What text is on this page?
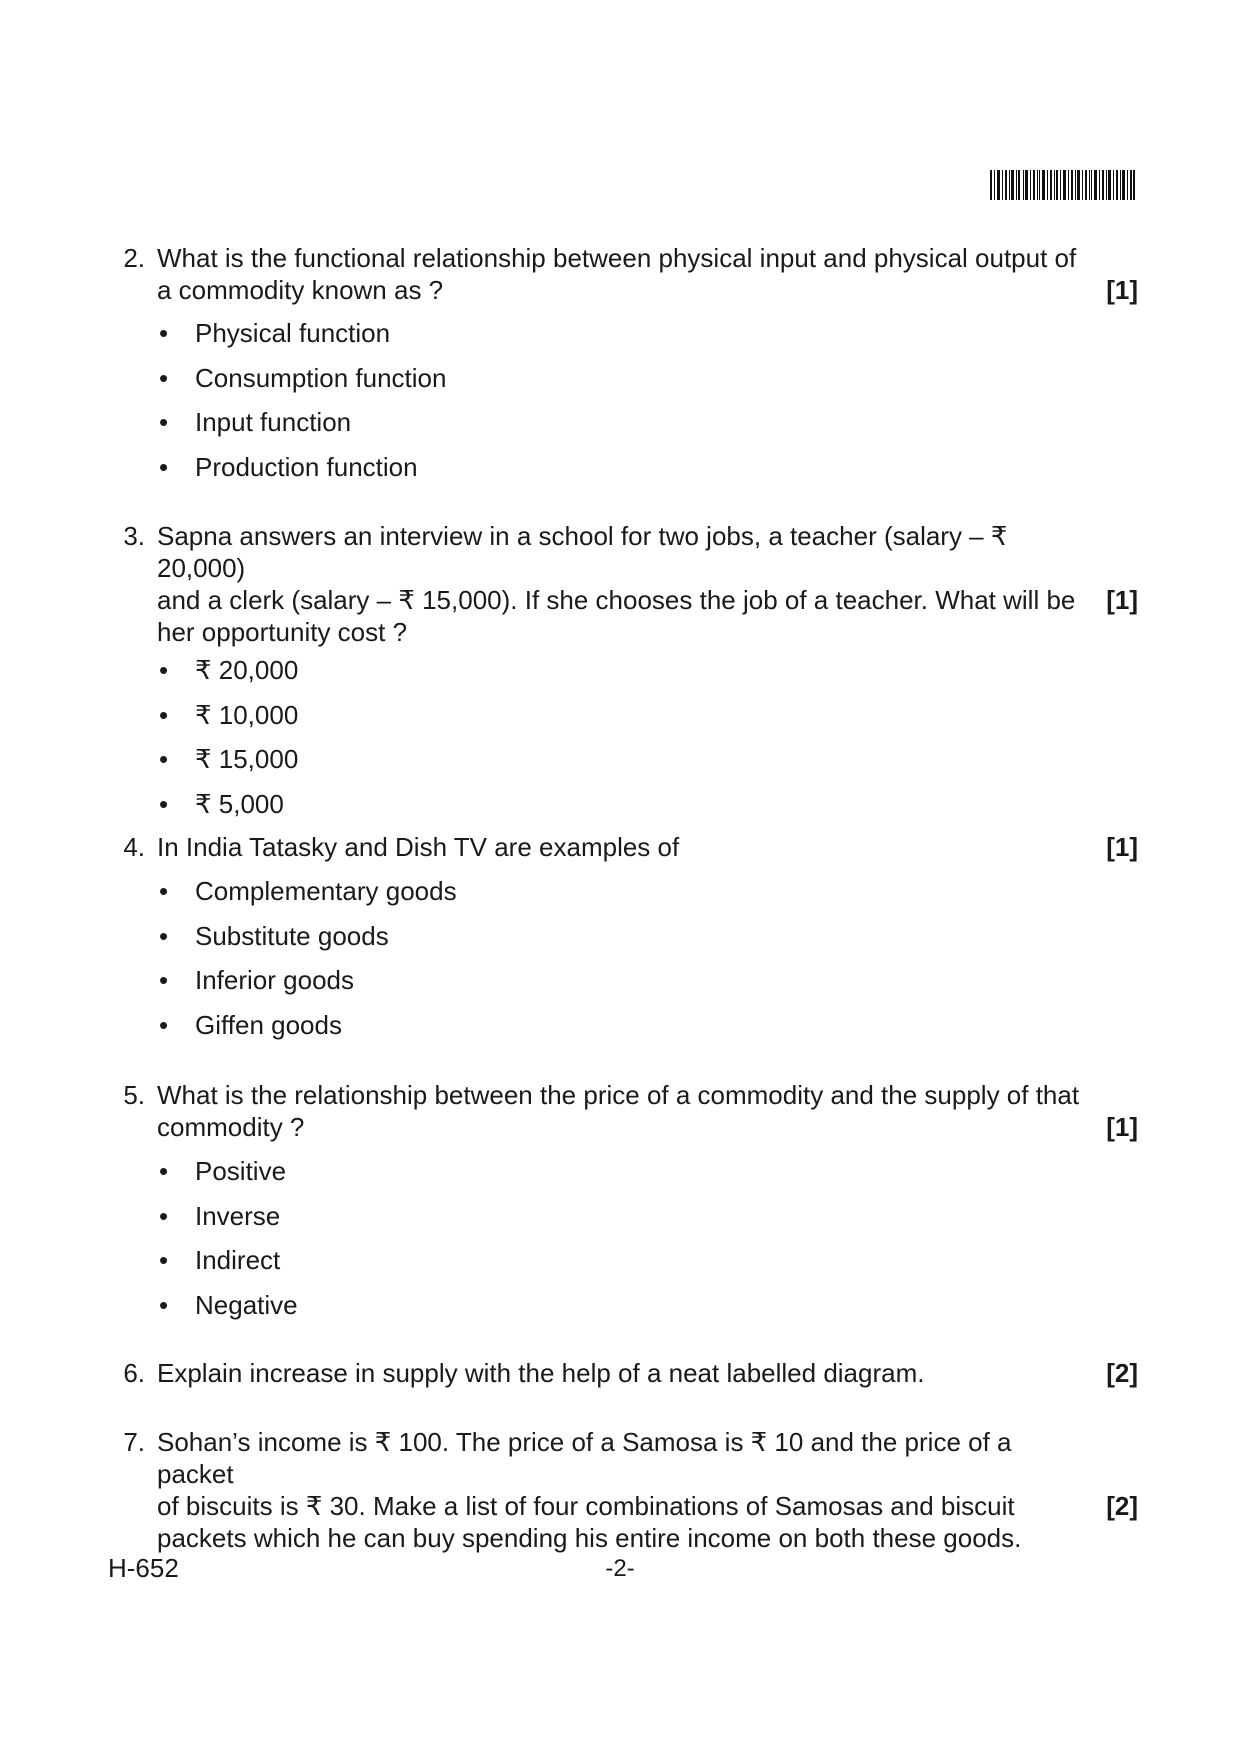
2. What is the functional relationship between physical input and physical output of
a commodity known as ?	[1]
• Physical function
• Consumption function
• Input function
• Production function
3. Sapna answers an interview in a school for two jobs, a teacher (salary – ₹ 20,000)
and a clerk (salary – ₹ 15,000). If she chooses the job of a teacher. What will be
her opportunity cost ?
[1]
• ₹ 20,000
• ₹ 10,000
• ₹ 15,000
• ₹ 5,000
4. In India Tatasky and Dish TV are examples of	[1]
• Complementary goods
• Substitute goods
• Inferior goods
• Giffen goods
5. What is the relationship between the price of a commodity and the supply of that
commodity ?	[1]
• Positive
• Inverse
• Indirect
• Negative
6. Explain increase in supply with the help of a neat labelled diagram.	[2]
7. Sohan’s income is ₹ 100. The price of a Samosa is ₹ 10 and the price of a packet
of biscuits is ₹ 30. Make a list of four combinations of Samosas and biscuit
packets which he can buy spending his entire income on both these goods.
[2]
H-652	-2-
